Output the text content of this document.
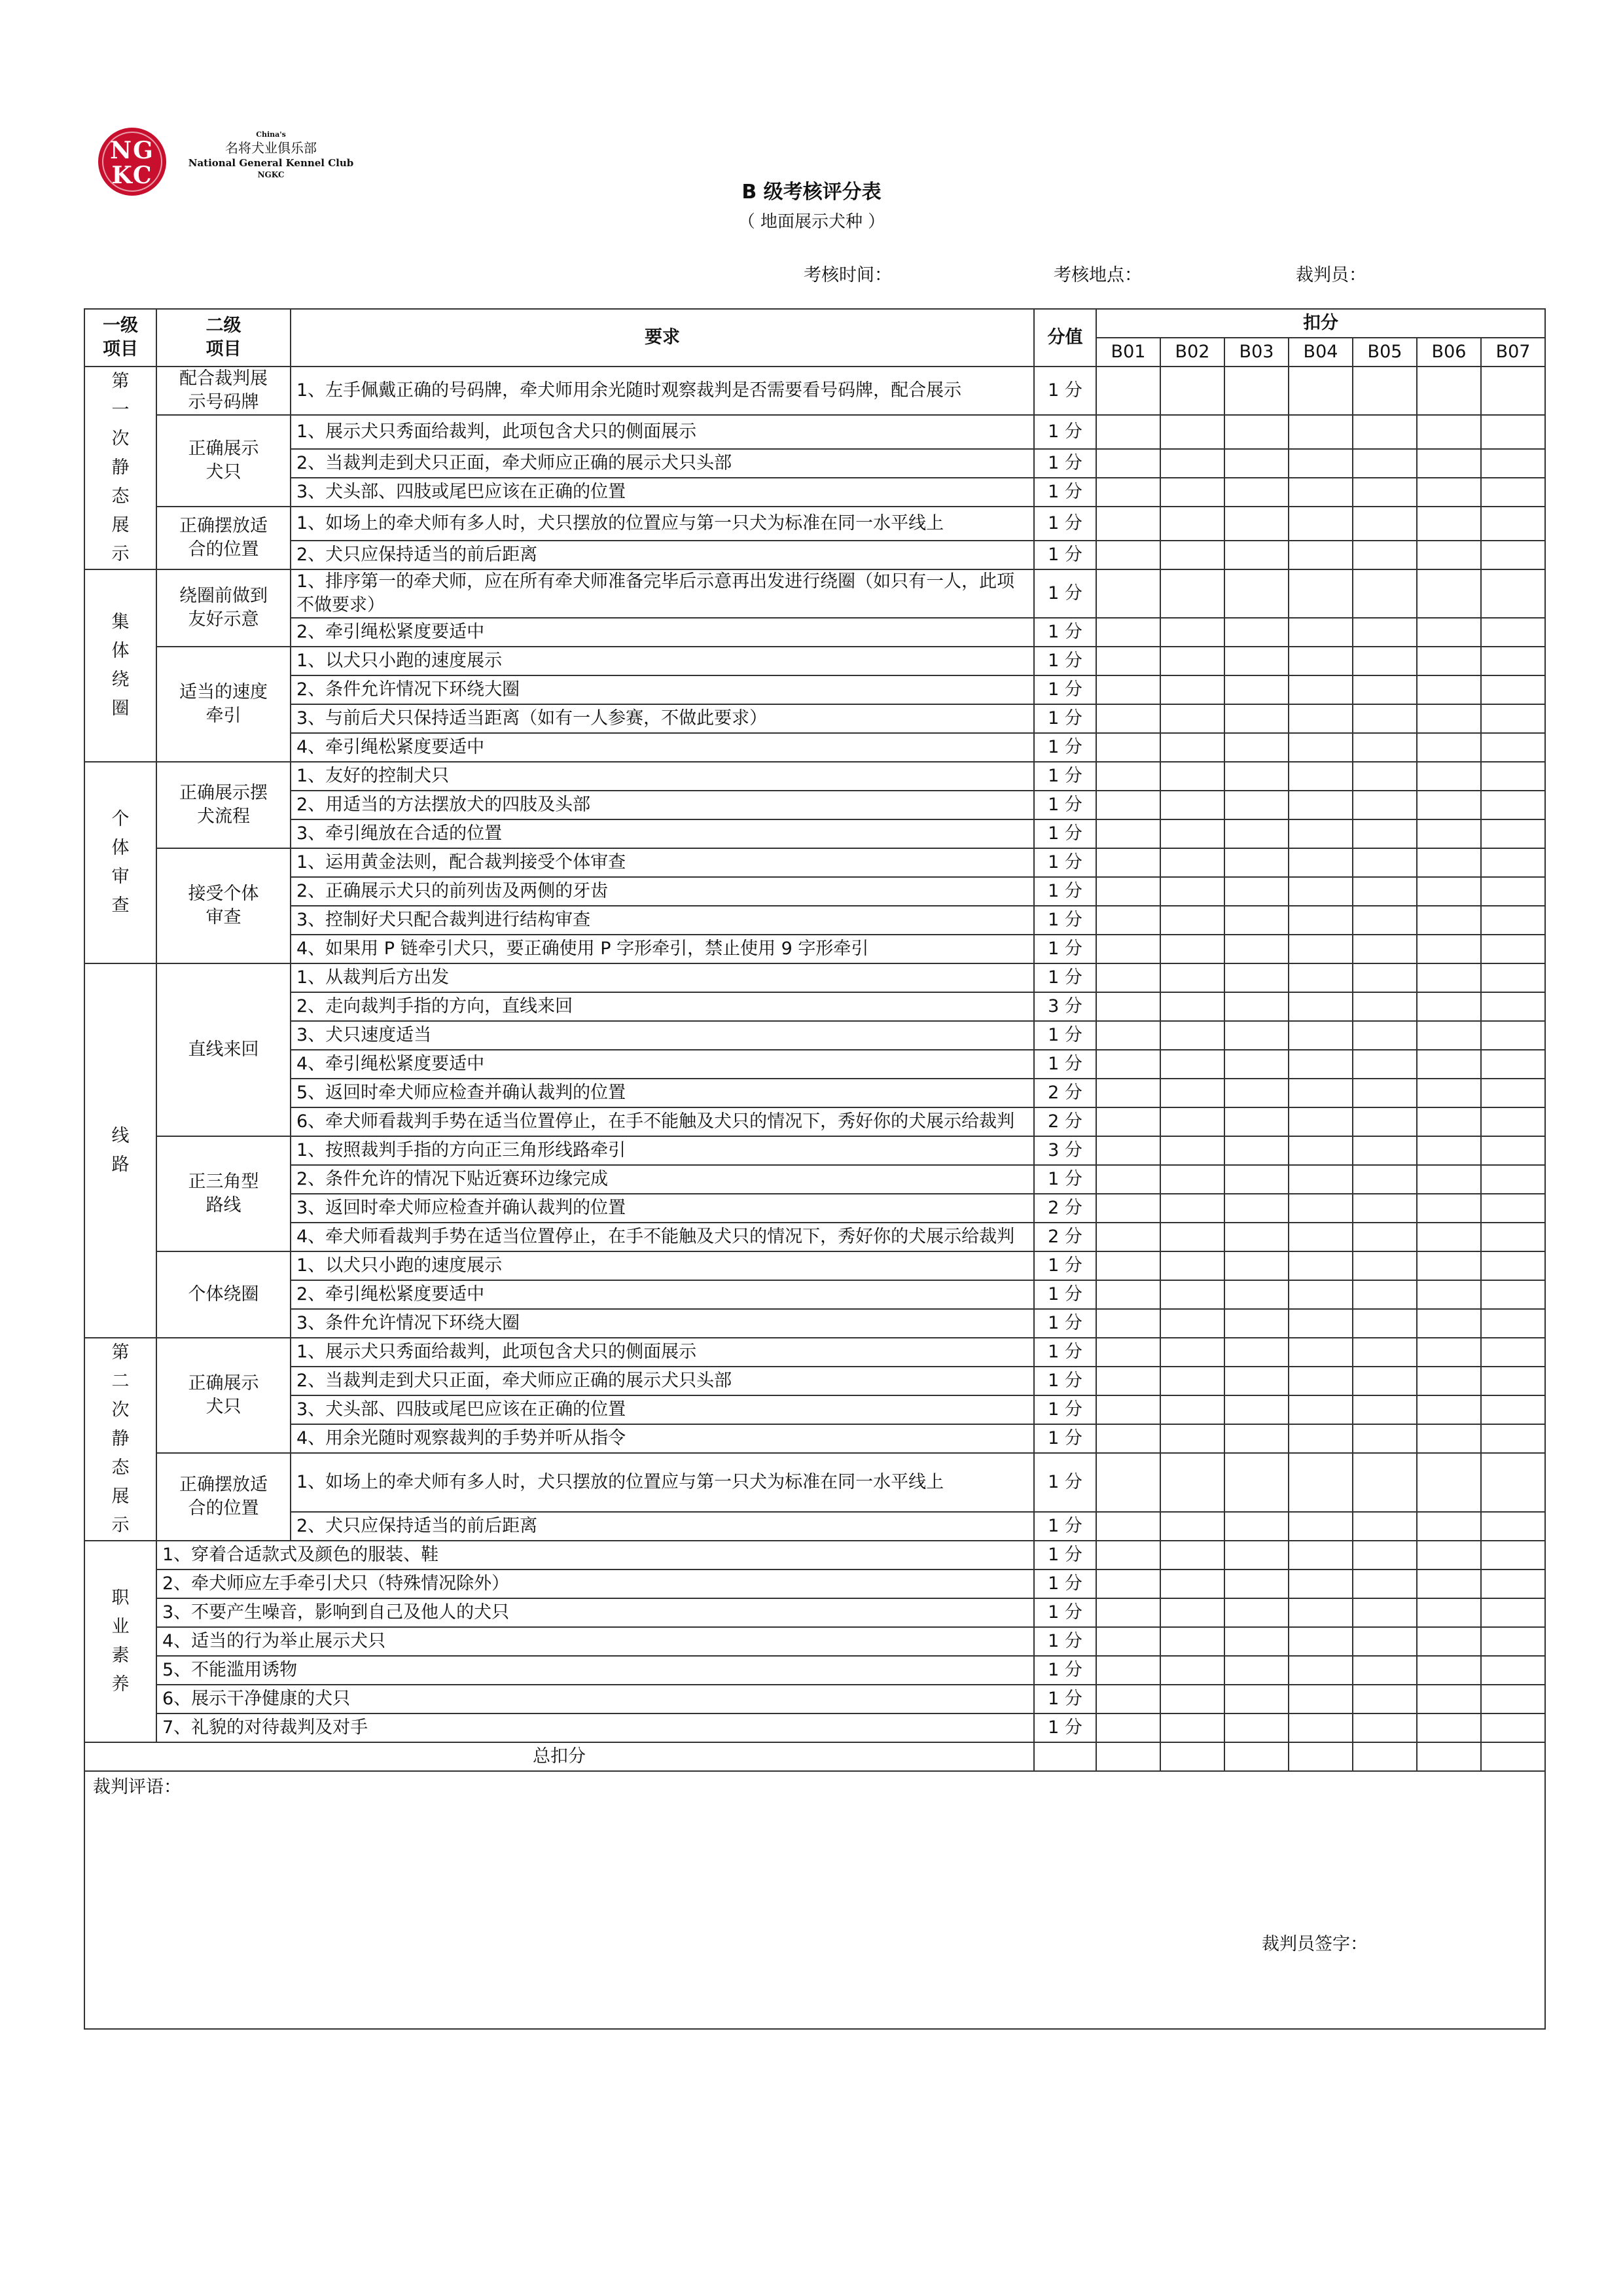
NG
KC
China's
名将犬业俱乐部
National General Kennel Club
NGKC
B 级考核评分表
（ 地面展示犬种 ）
考核时间：	考核地点：	裁判员：
一级项目	二级项目	要求	分值	扣分						
				B01	B02	B03	B04	B05	B06	B07
第一次静态展示	配合裁判展示号码牌	1、左手佩戴正确的号码牌，牵犬师用余光随时观察裁判是否需要看号码牌，配合展示	1 分							
	正确展示犬只	1、展示犬只秀面给裁判，此项包含犬只的侧面展示	1 分							
		2、当裁判走到犬只正面，牵犬师应正确的展示犬只头部	1 分							
		3、犬头部、四肢或尾巴应该在正确的位置	1 分							
	正确摆放适合的位置	1、如场上的牵犬师有多人时，犬只摆放的位置应与第一只犬为标准在同一水平线上	1 分							
		2、犬只应保持适当的前后距离	1 分							
集体绕圈	绕圈前做到友好示意	1、排序第一的牵犬师，应在所有牵犬师准备完毕后示意再出发进行绕圈（如只有一人，此项不做要求）	1 分							
		2、牵引绳松紧度要适中	1 分							
	适当的速度牵引	1、以犬只小跑的速度展示	1 分							
		2、条件允许情况下环绕大圈	1 分							
		3、与前后犬只保持适当距离（如有一人参赛，不做此要求）	1 分							
		4、牵引绳松紧度要适中	1 分							
个体审查	正确展示摆犬流程	1、友好的控制犬只	1 分							
		2、用适当的方法摆放犬的四肢及头部	1 分							
		3、牵引绳放在合适的位置	1 分							
	接受个体审查	1、运用黄金法则，配合裁判接受个体审查	1 分							
		2、正确展示犬只的前列齿及两侧的牙齿	1 分							
		3、控制好犬只配合裁判进行结构审查	1 分							
		4、如果用 P 链牵引犬只，要正确使用 P 字形牵引，禁止使用 9 字形牵引	1 分							
线路	直线来回	1、从裁判后方出发	1 分							
		2、走向裁判手指的方向，直线来回	3 分							
		3、犬只速度适当	1 分							
		4、牵引绳松紧度要适中	1 分							
		5、返回时牵犬师应检查并确认裁判的位置	2 分							
		6、牵犬师看裁判手势在适当位置停止，在手不能触及犬只的情况下，秀好你的犬展示给裁判	2 分							
	正三角型路线	1、按照裁判手指的方向正三角形线路牵引	3 分							
		2、条件允许的情况下贴近赛环边缘完成	1 分							
		3、返回时牵犬师应检查并确认裁判的位置	2 分							
		4、牵犬师看裁判手势在适当位置停止，在手不能触及犬只的情况下，秀好你的犬展示给裁判	2 分							
	个体绕圈	1、以犬只小跑的速度展示	1 分							
		2、牵引绳松紧度要适中	1 分							
		3、条件允许情况下环绕大圈	1 分							
第二次静态展示	正确展示犬只	1、展示犬只秀面给裁判，此项包含犬只的侧面展示	1 分							
		2、当裁判走到犬只正面，牵犬师应正确的展示犬只头部	1 分							
		3、犬头部、四肢或尾巴应该在正确的位置	1 分							
		4、用余光随时观察裁判的手势并听从指令	1 分							
	正确摆放适合的位置	1、如场上的牵犬师有多人时，犬只摆放的位置应与第一只犬为标准在同一水平线上	1 分							
		2、犬只应保持适当的前后距离	1 分							
职业素养	1、穿着合适款式及颜色的服装、鞋		1 分							
	2、牵犬师应左手牵引犬只（特殊情况除外）		1 分							
	3、不要产生噪音，影响到自己及他人的犬只		1 分							
	4、适当的行为举止展示犬只		1 分							
	5、不能滥用诱物		1 分							
	6、展示干净健康的犬只		1 分							
	7、礼貌的对待裁判及对手		1 分							
总扣分										

裁判评语：
裁判员签字：										
